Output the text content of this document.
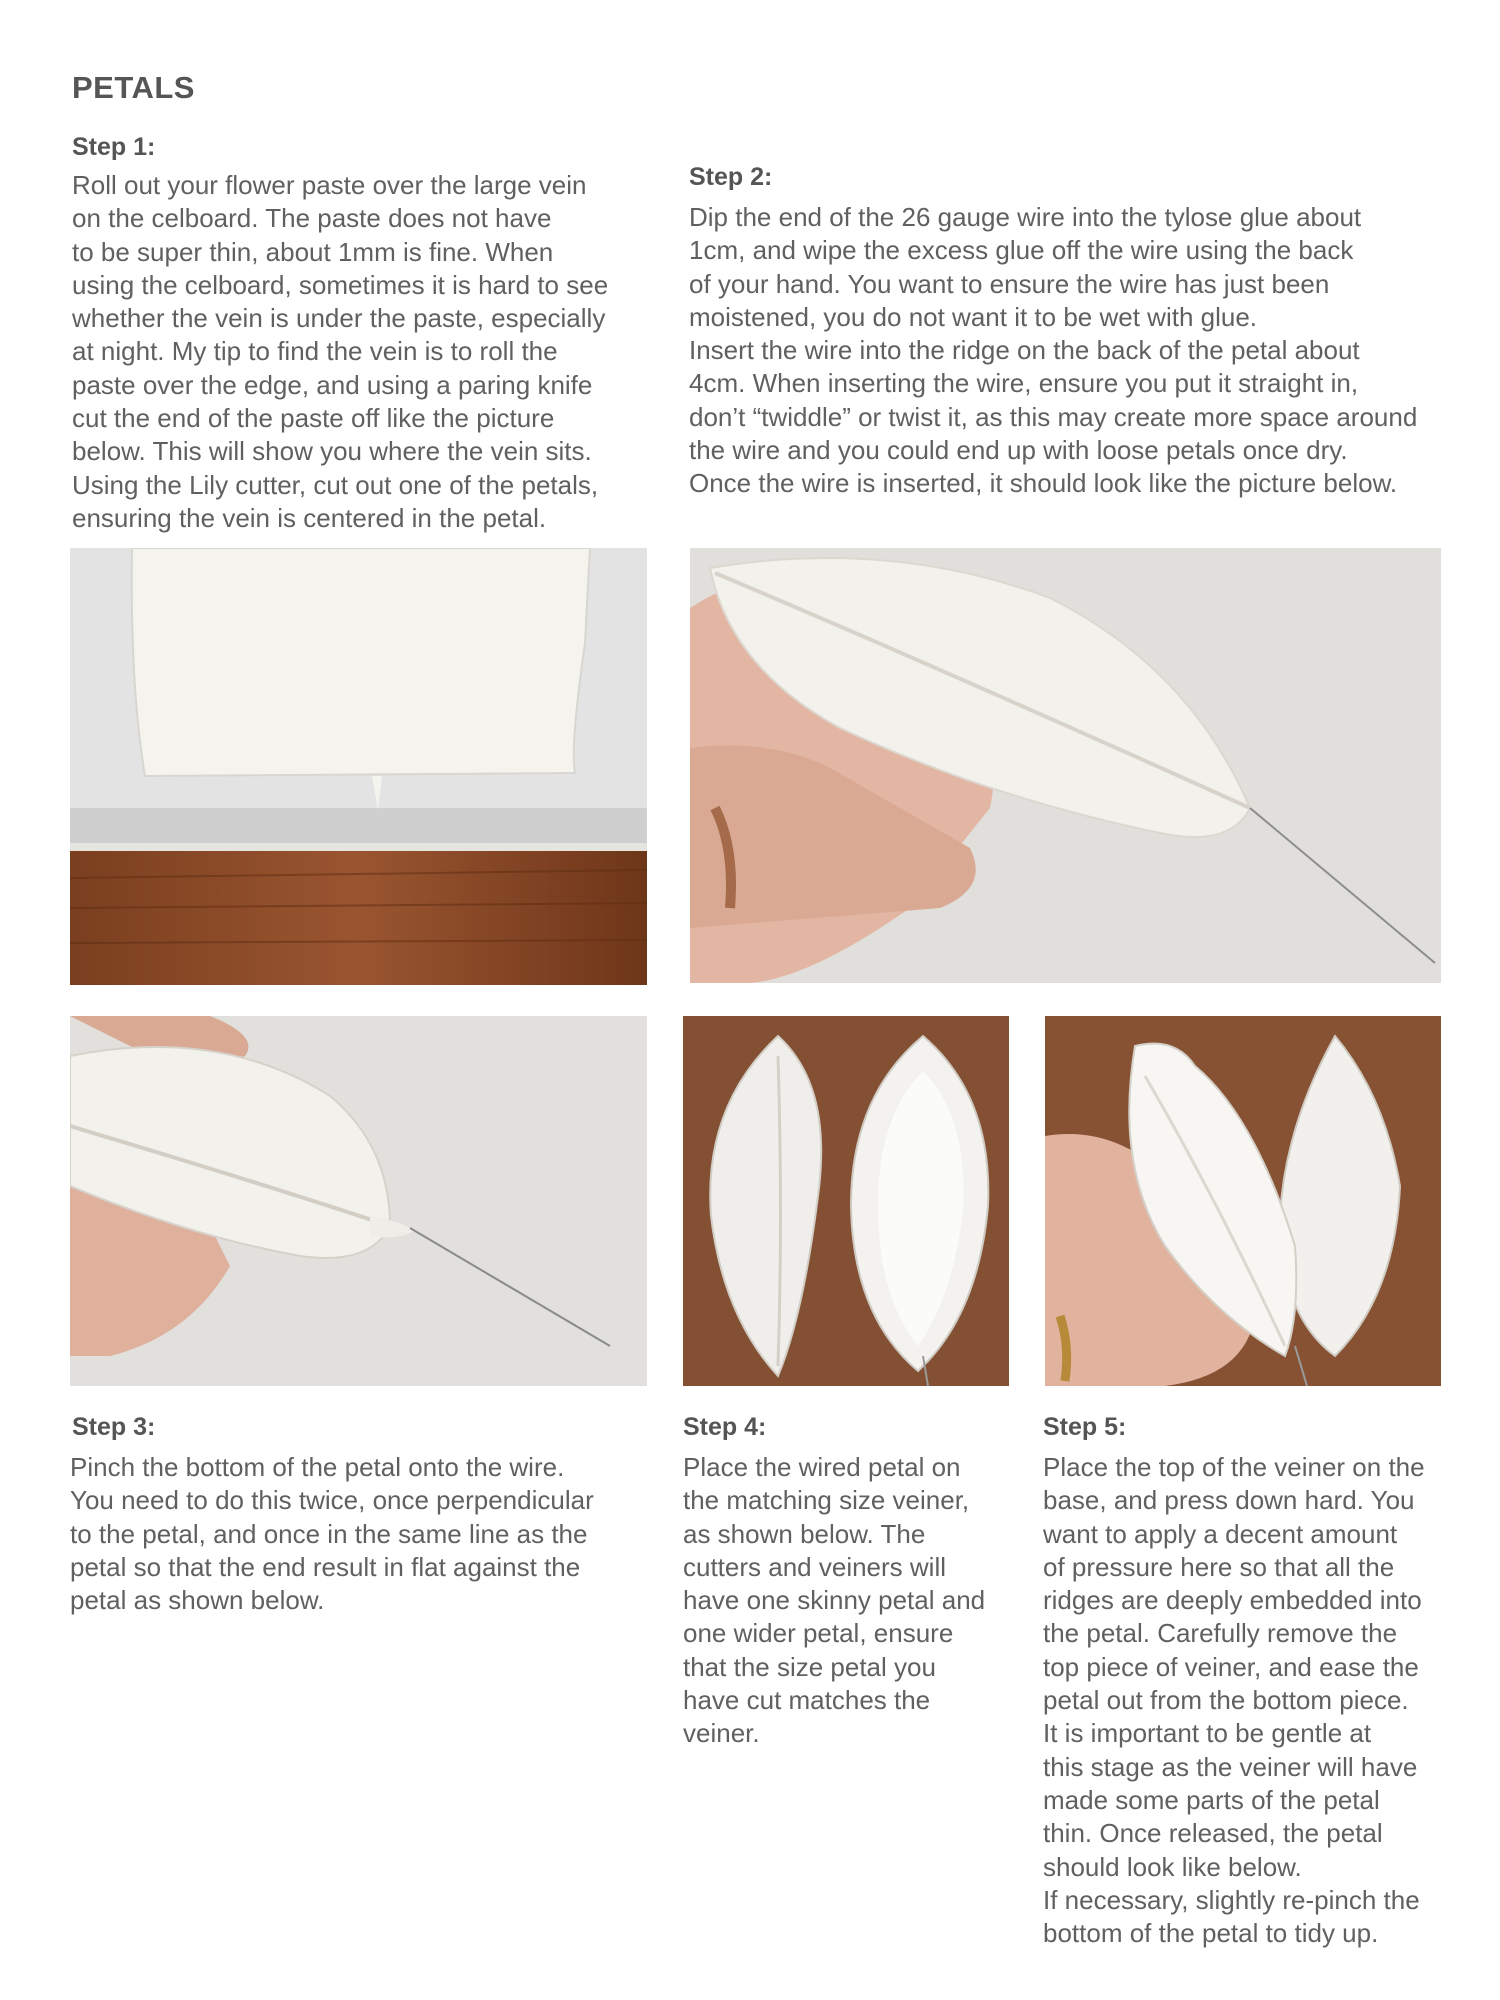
PETALS
Step 1:
Roll out your flower paste over the large vein
on the celboard. The paste does not have
to be super thin, about 1mm is fine. When
using the celboard, sometimes it is hard to see
whether the vein is under the paste, especially
at night. My tip to find the vein is to roll the
paste over the edge, and using a paring knife
cut the end of the paste off like the picture
below. This will show you where the vein sits.
Using the Lily cutter, cut out one of the petals,
ensuring the vein is centered in the petal.
Step 2:
Dip the end of the 26 gauge wire into the tylose glue about
1cm, and wipe the excess glue off the wire using the back
of your hand. You want to ensure the wire has just been
moistened, you do not want it to be wet with glue.
Insert the wire into the ridge on the back of the petal about
4cm. When inserting the wire, ensure you put it straight in,
don’t “twiddle” or twist it, as this may create more space around
the wire and you could end up with loose petals once dry.
Once the wire is inserted, it should look like the picture below.
Step 3:
Pinch the bottom of the petal onto the wire.
You need to do this twice, once perpendicular
to the petal, and once in the same line as the
petal so that the end result in flat against the
petal as shown below.
Step 4:
Place the wired petal on
the matching size veiner,
as shown below. The
cutters and veiners will
have one skinny petal and
one wider petal, ensure
that the size petal you
have cut matches the
veiner.
Step 5:
Place the top of the veiner on the
base, and press down hard. You
want to apply a decent amount
of pressure here so that all the
ridges are deeply embedded into
the petal. Carefully remove the
top piece of veiner, and ease the
petal out from the bottom piece.
It is important to be gentle at
this stage as the veiner will have
made some parts of the petal
thin. Once released, the petal
should look like below.
If necessary, slightly re-pinch the
bottom of the petal to tidy up.
